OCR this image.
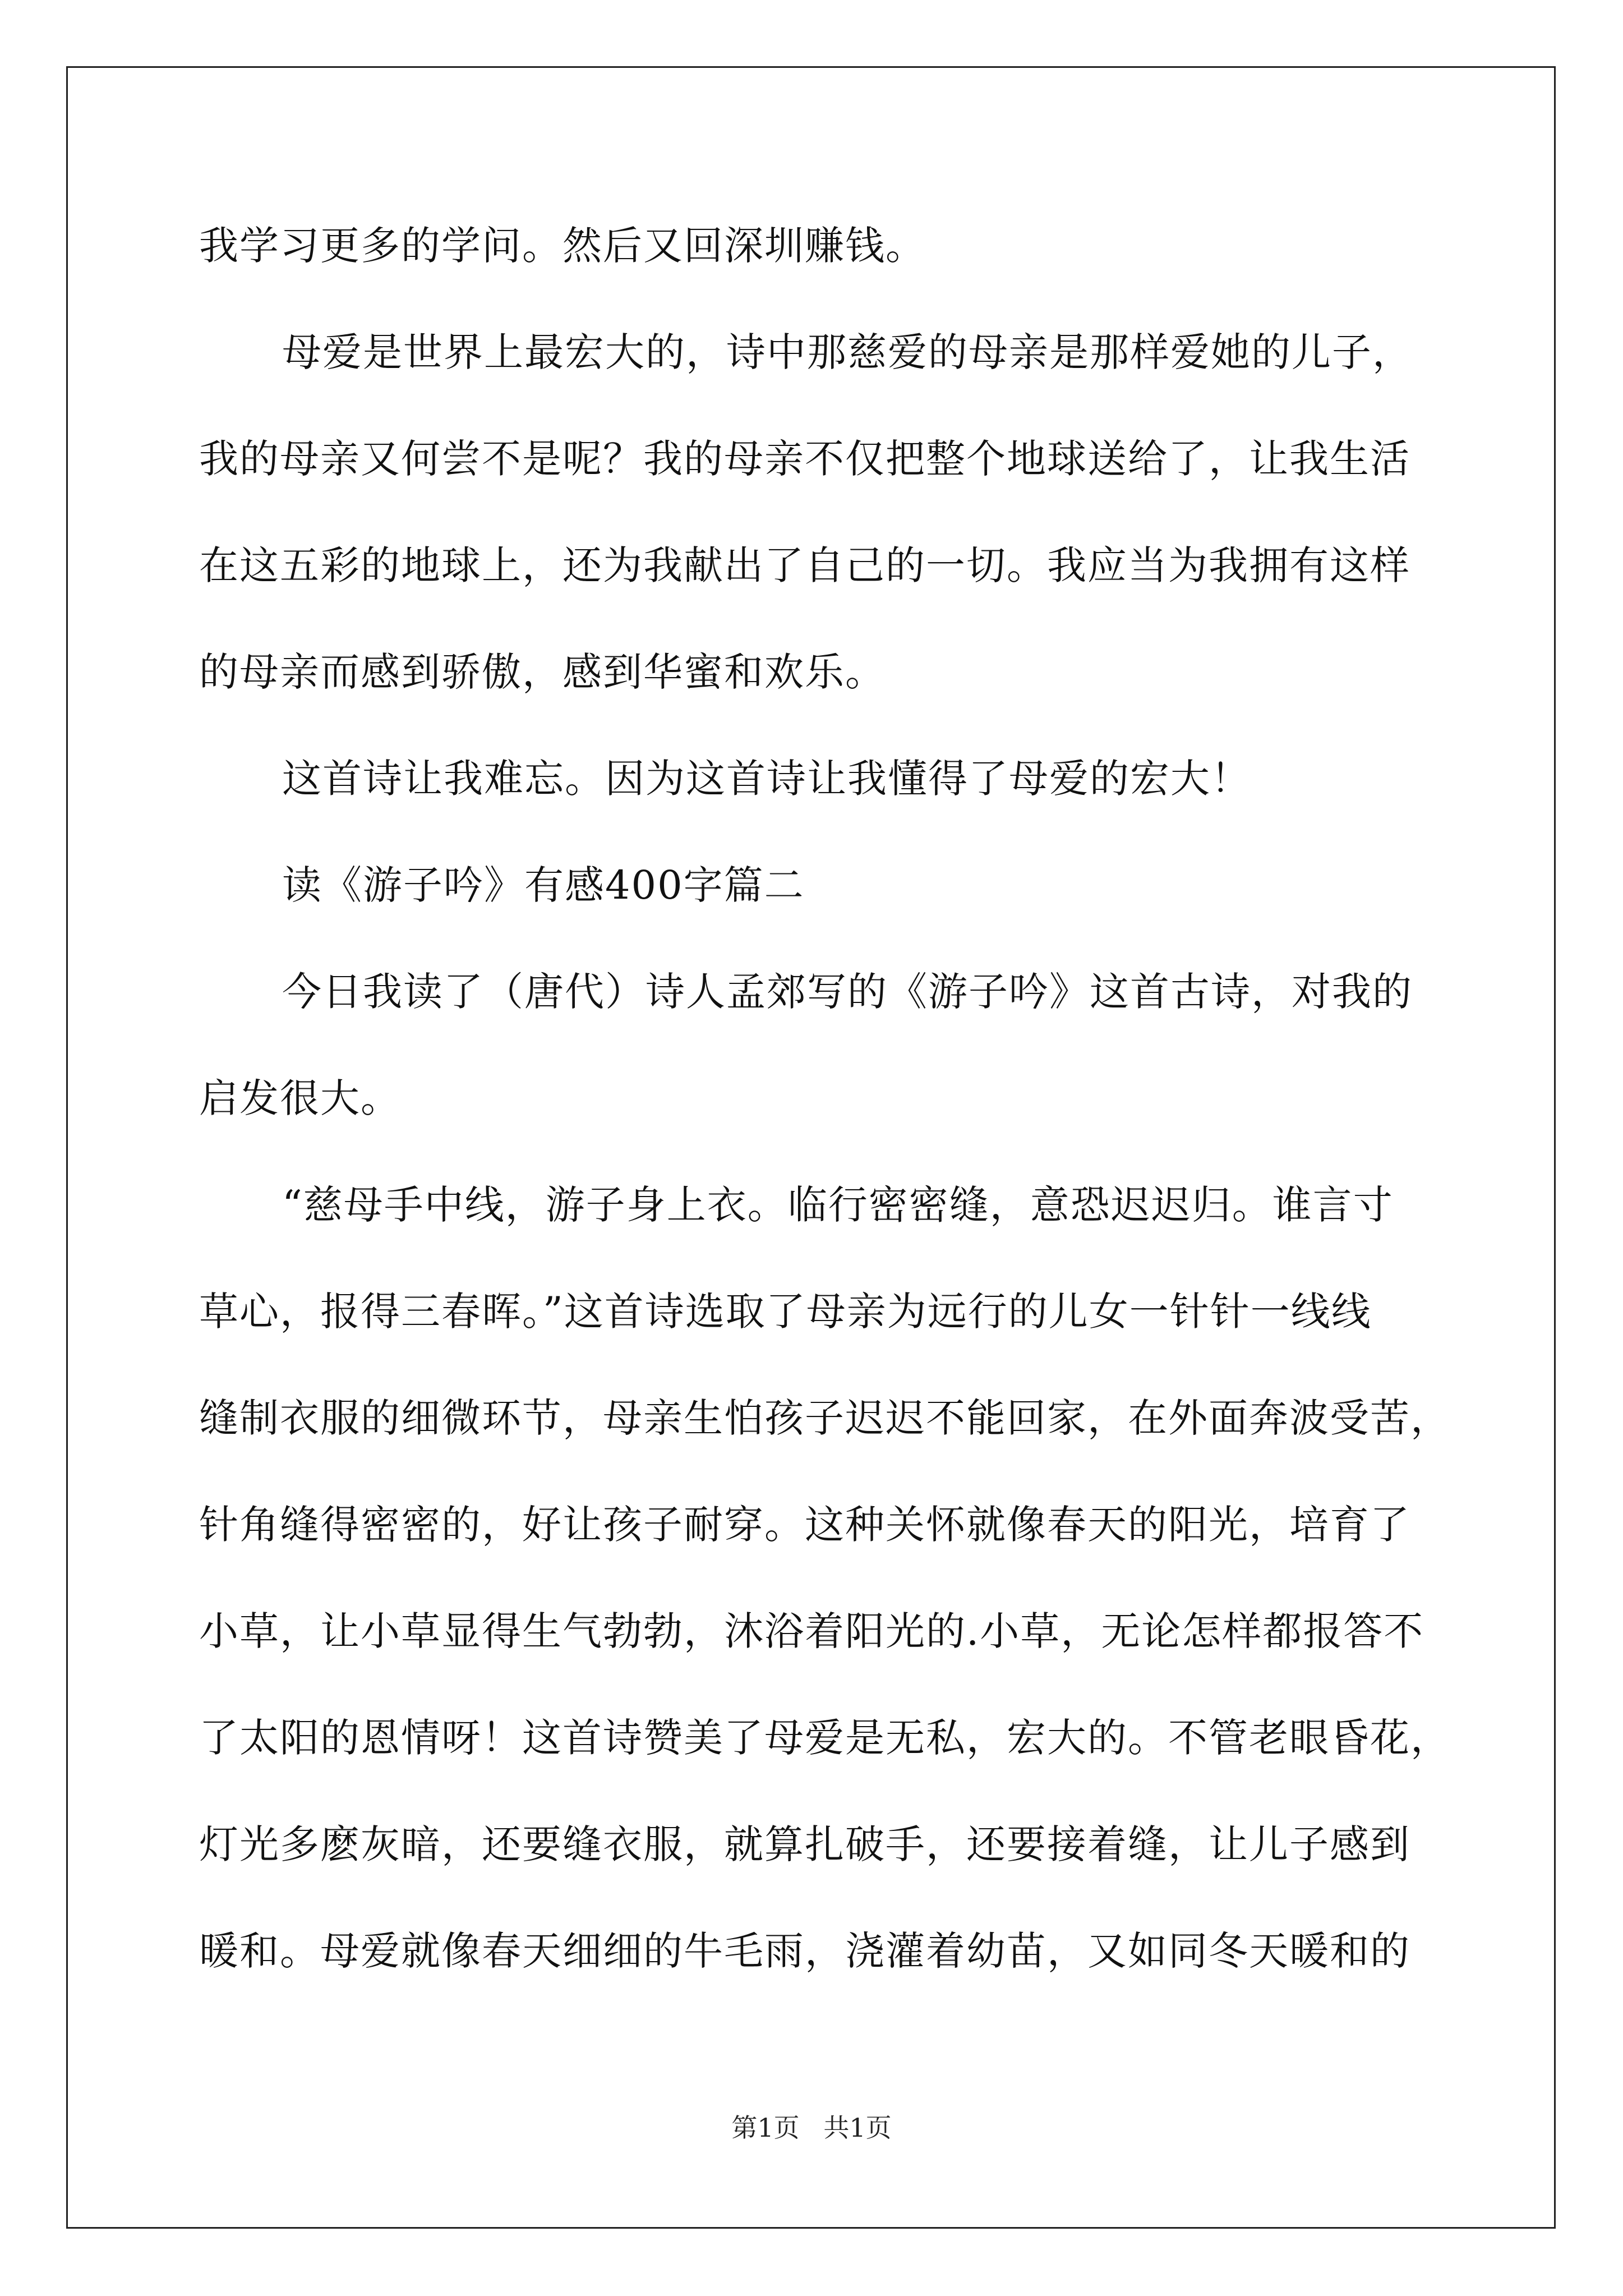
我学习更多的学问。然后又回深圳赚钱。
母爱是世界上最宏大的，诗中那慈爱的母亲是那样爱她的儿子，
我的母亲又何尝不是呢？我的母亲不仅把整个地球送给了，让我生活
在这五彩的地球上，还为我献出了自己的一切。我应当为我拥有这样
的母亲而感到骄傲，感到华蜜和欢乐。
这首诗让我难忘。因为这首诗让我懂得了母爱的宏大！
读《游子吟》有感400字篇二
今日我读了（唐代）诗人孟郊写的《游子吟》这首古诗，对我的
启发很大。
“慈母手中线，游子身上衣。临行密密缝，意恐迟迟归。谁言寸
草心，报得三春晖。”这首诗选取了母亲为远行的儿女一针针一线线
缝制衣服的细微环节，母亲生怕孩子迟迟不能回家，在外面奔波受苦，
针角缝得密密的，好让孩子耐穿。这种关怀就像春天的阳光，培育了
小草，让小草显得生气勃勃，沐浴着阳光的.小草，无论怎样都报答不
了太阳的恩情呀！这首诗赞美了母爱是无私，宏大的。不管老眼昏花，
灯光多麽灰暗，还要缝衣服，就算扎破手，还要接着缝，让儿子感到
暖和。母爱就像春天细细的牛毛雨，浇灌着幼苗，又如同冬天暖和的
第1页 共1页
